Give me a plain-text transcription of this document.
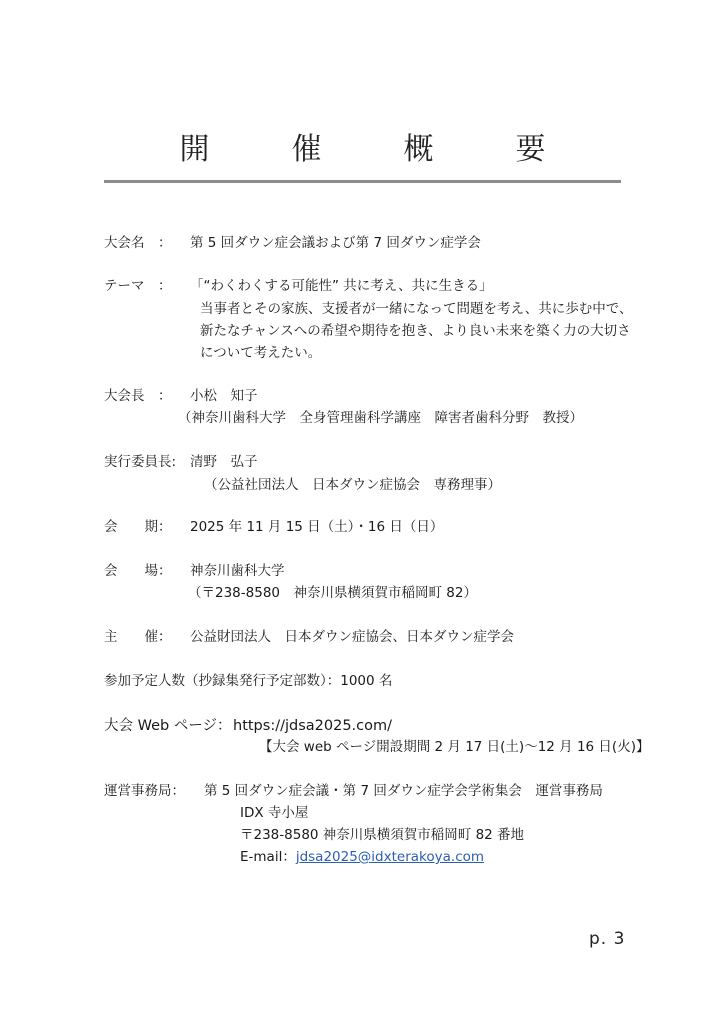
開　催　概　要
大会名　： 第 5 回ダウン症会議および第 7 回ダウン症学会
テーマ　： 「“わくわくする可能性” 共に考え、共に生きる」
当事者とその家族、支援者が一緒になって問題を考え、共に歩む中で、
新たなチャンスへの希望や期待を抱き、より良い未来を築く力の大切さ
について考えたい。
大会長　： 小松　知子
（神奈川歯科大学　全身管理歯科学講座　障害者歯科分野　教授）
実行委員長: 清野　弘子
（公益社団法人　日本ダウン症協会　専務理事）
会　　期： 2025 年 11 月 15 日（土）・16 日（日）
会　　場： 神奈川歯科大学
（〒238-8580　神奈川県横須賀市稲岡町 82）
主　　催： 公益財団法人　日本ダウン症協会、日本ダウン症学会
参加予定人数（抄録集発行予定部数）：1000 名
大会 Web ページ： https://jdsa2025.com/
【大会 web ページ開設期間 2 月 17 日(土)〜12 月 16 日(火)】
運営事務局： 第 5 回ダウン症会議・第 7 回ダウン症学会学術集会　運営事務局
IDX 寺小屋
〒238-8580 神奈川県横須賀市稲岡町 82 番地
E-mail：jdsa2025@idxterakoya.com
p. 3
